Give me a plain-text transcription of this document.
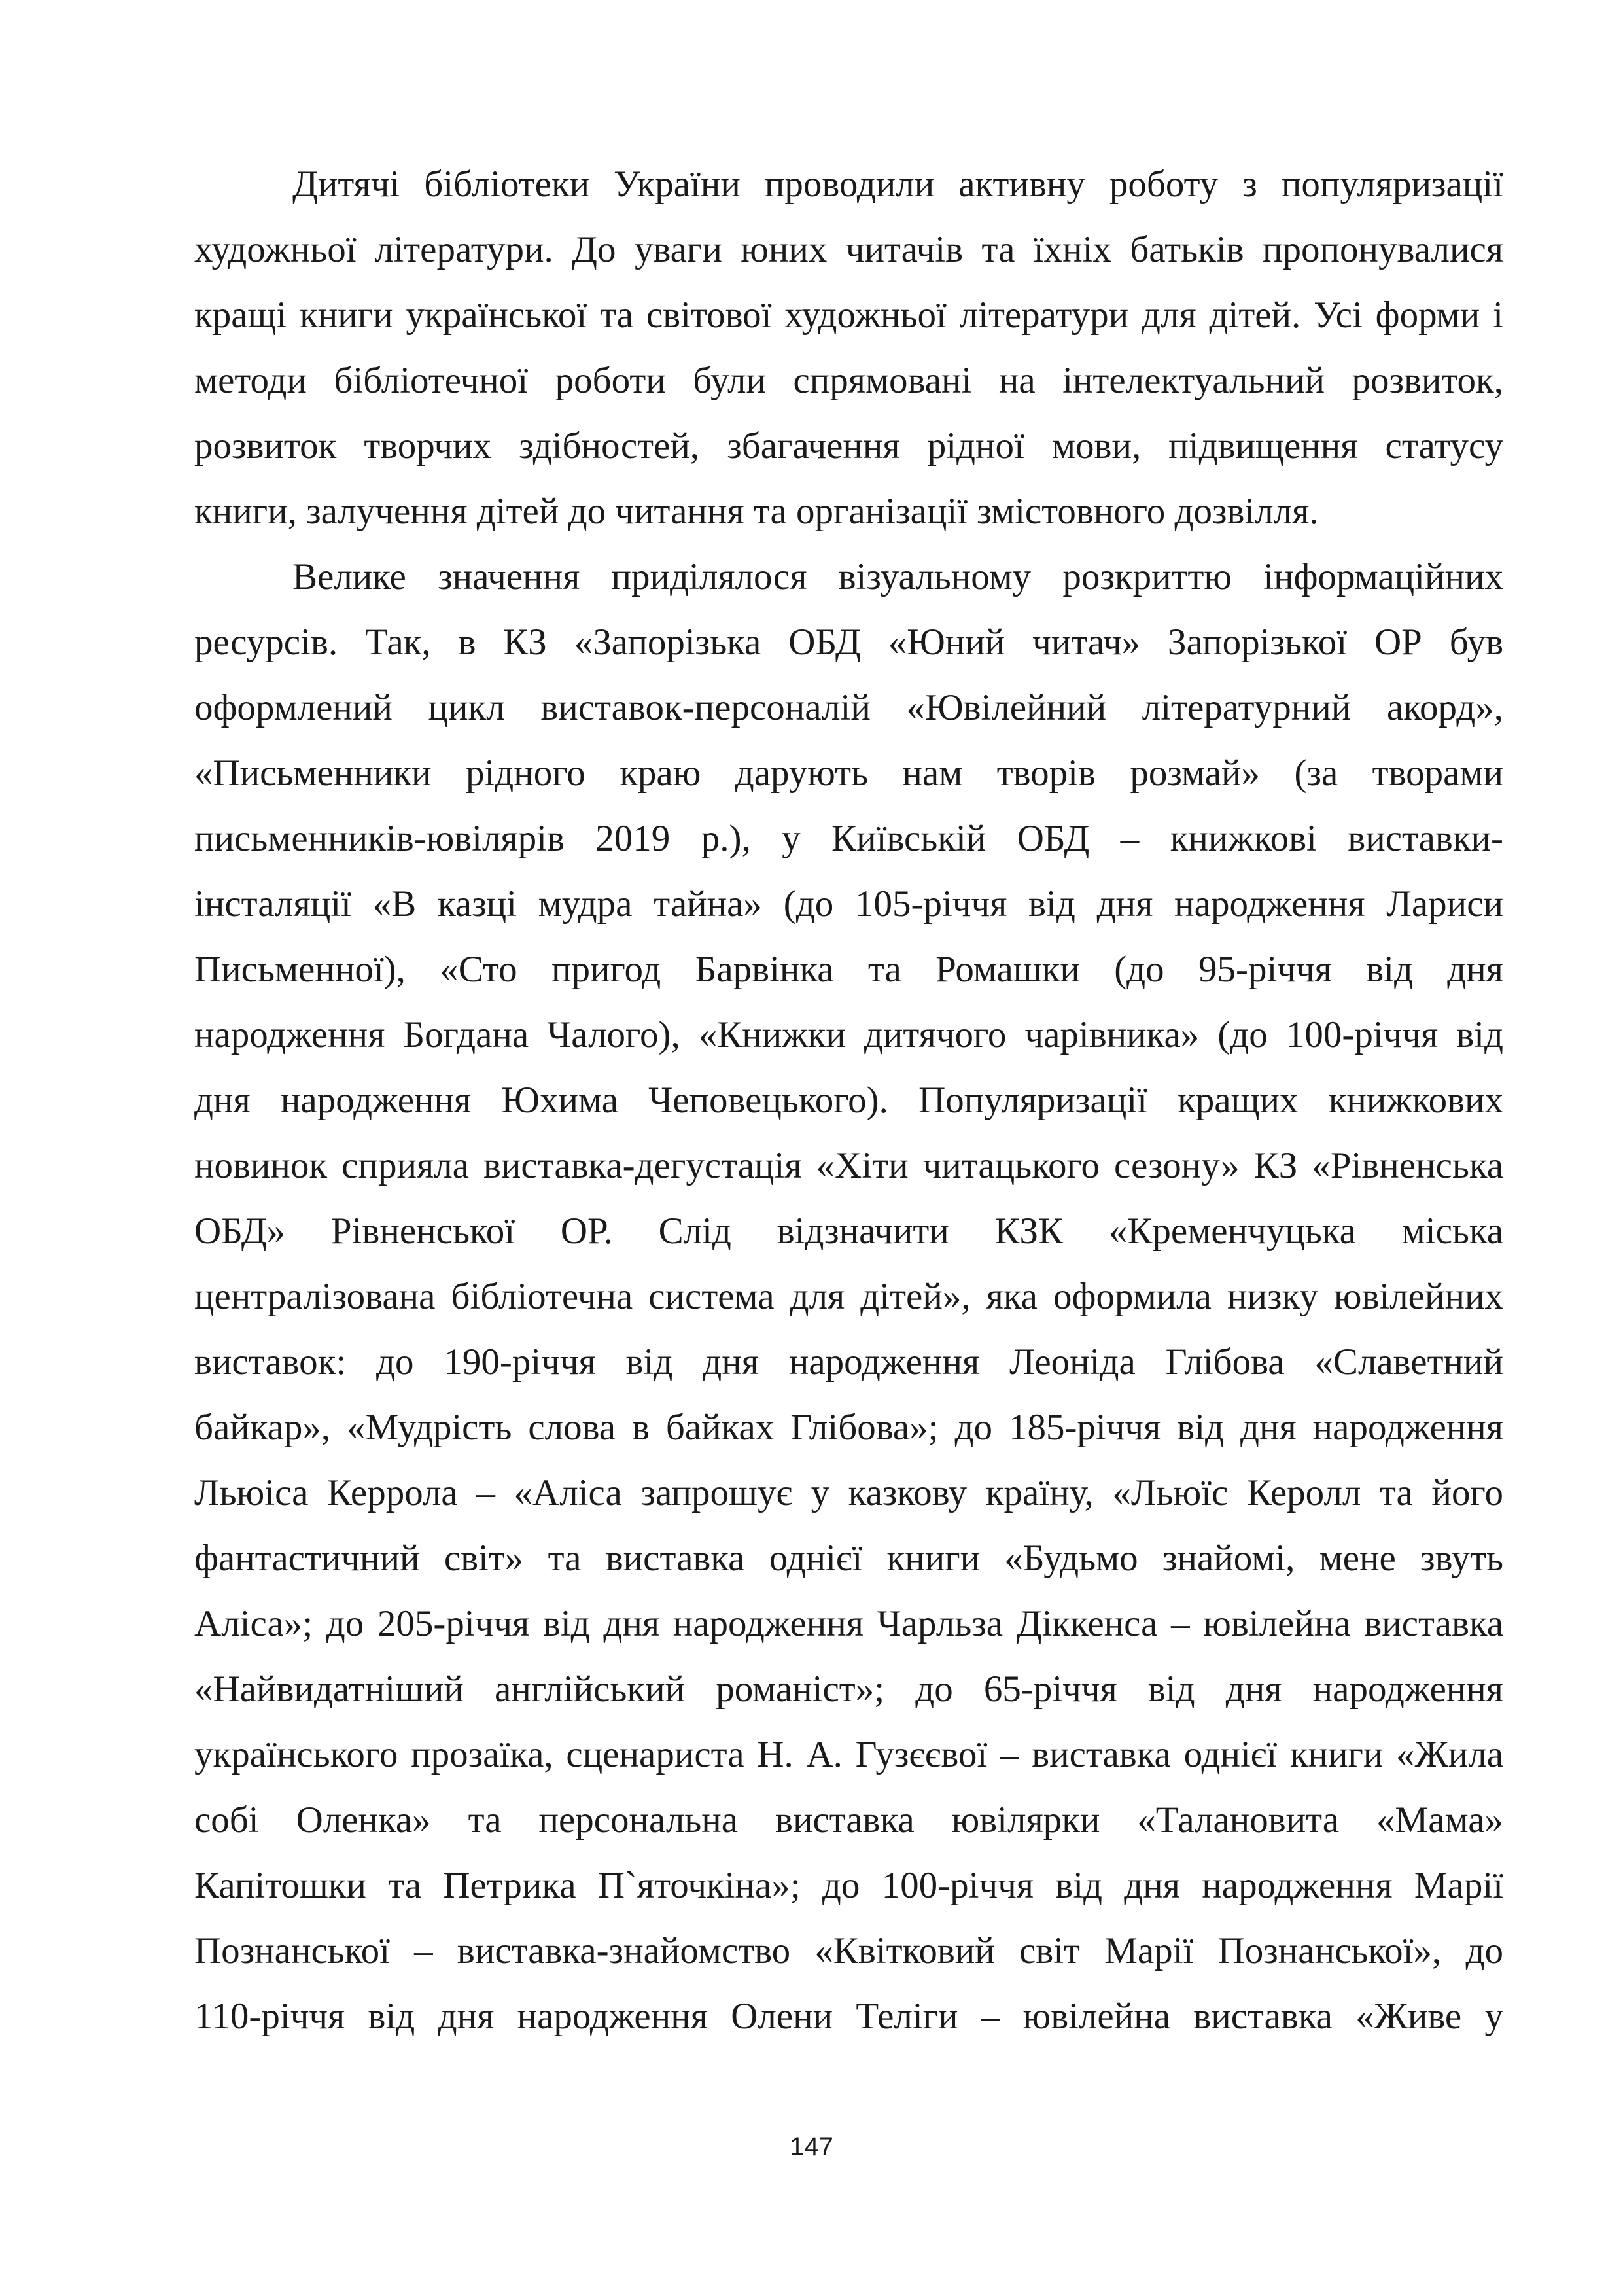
Дитячі бібліотеки України проводили активну роботу з популяризації
художньої літератури. До уваги юних читачів та їхніх батьків пропонувалися
кращі книги української та світової художньої літератури для дітей. Усі форми і
методи бібліотечної роботи були спрямовані на інтелектуальний розвиток,
розвиток творчих здібностей, збагачення рідної мови, підвищення статусу
книги, залучення дітей до читання та організації змістовного дозвілля.
Велике значення приділялося візуальному розкриттю інформаційних
ресурсів. Так, в КЗ «Запорізька ОБД «Юний читач» Запорізької ОР був
оформлений цикл виставок-персоналій «Ювілейний літературний акорд»,
«Письменники рідного краю дарують нам творів розмай» (за творами
письменників-ювілярів 2019 р.), у Київській ОБД – книжкові виставки-
інсталяції «В казці мудра тайна» (до 105-річчя від дня народження Лариси
Письменної), «Сто пригод Барвінка та Ромашки (до 95-річчя від дня
народження Богдана Чалого), «Книжки дитячого чарівника» (до 100-річчя від
дня народження Юхима Чеповецького). Популяризації кращих книжкових
новинок сприяла виставка-дегустація «Хіти читацького сезону» КЗ «Рівненська
ОБД» Рівненської ОР. Слід відзначити КЗК «Кременчуцька міська
централізована бібліотечна система для дітей», яка оформила низку ювілейних
виставок: до 190-річчя від дня народження Леоніда Глібова «Славетний
байкар», «Мудрість слова в байках Глібова»; до 185-річчя від дня народження
Льюіса Керрола – «Аліса запрошує у казкову країну, «Льюїс Керолл та його
фантастичний світ» та виставка однієї книги «Будьмо знайомі, мене звуть
Аліса»; до 205-річчя від дня народження Чарльза Діккенса – ювілейна виставка
«Найвидатніший англійський романіст»; до 65-річчя від дня народження
українського прозаїка, сценариста Н. А. Гузєєвої – виставка однієї книги «Жила
собі Оленка» та персональна виставка ювілярки «Талановита «Мама»
Капітошки та Петрика П`яточкіна»; до 100-річчя від дня народження Марії
Познанської – виставка-знайомство «Квітковий світ Марії Познанської», до
110-річчя від дня народження Олени Теліги – ювілейна виставка «Живе у
147
